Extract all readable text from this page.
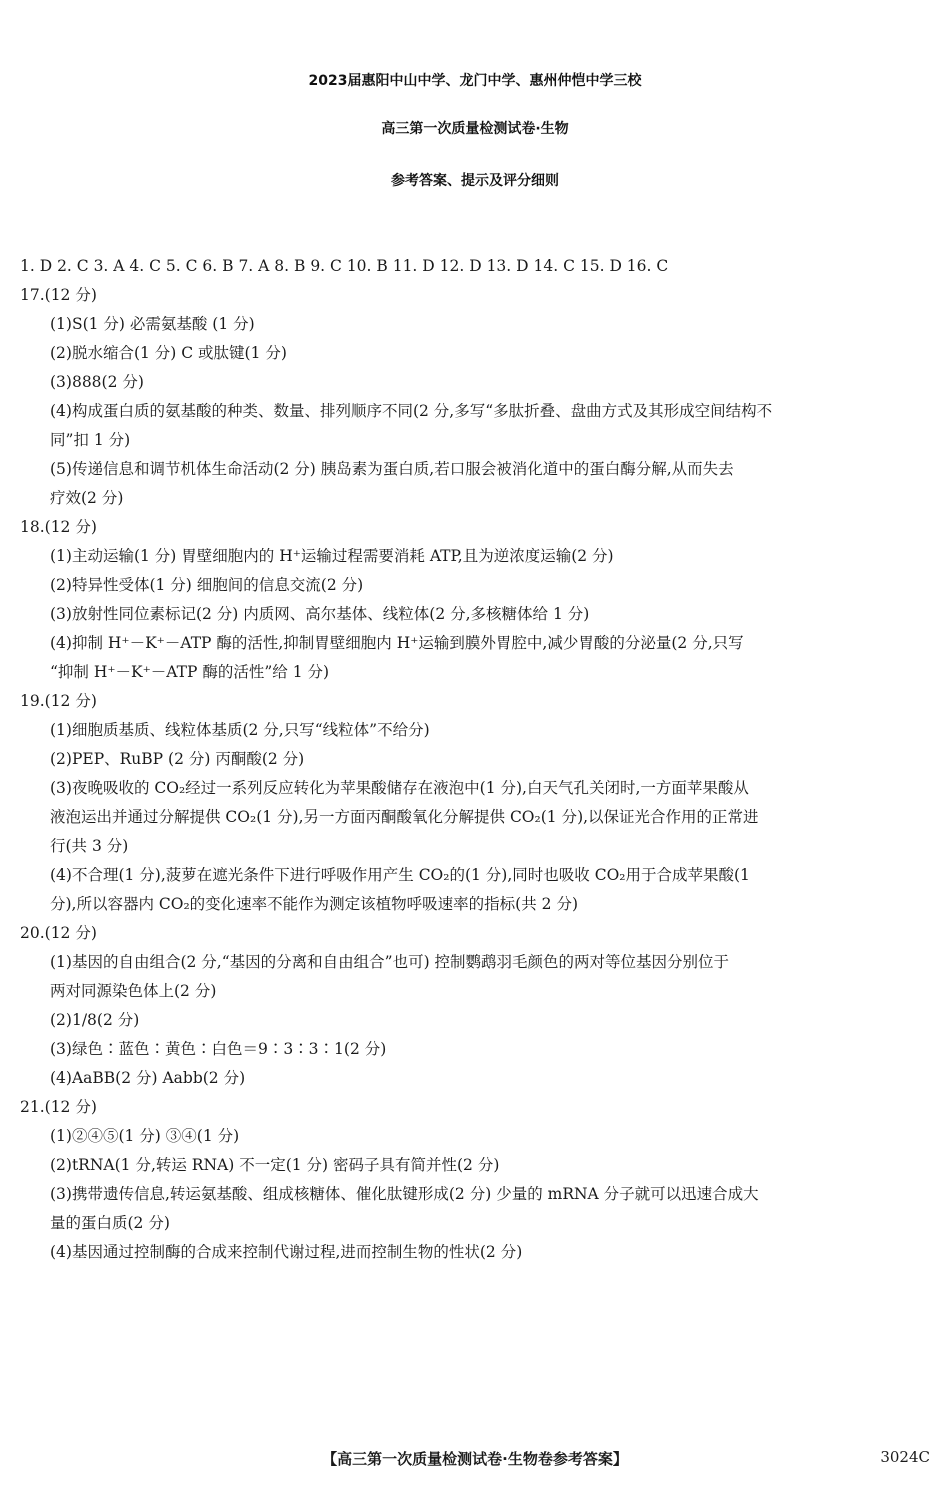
2023届惠阳中山中学、龙门中学、惠州仲恺中学三校
高三第一次质量检测试卷·生物
参考答案、提示及评分细则
1. D 2. C 3. A 4. C 5. C 6. B 7. A 8. B 9. C 10. B 11. D 12. D 13. D 14. C 15. D 16. C
17.(12 分)
(1)S(1 分) 必需氨基酸 (1 分)
(2)脱水缩合(1 分) C 或肽键(1 分)
(3)888(2 分)
(4)构成蛋白质的氨基酸的种类、数量、排列顺序不同(2 分,多写“多肽折叠、盘曲方式及其形成空间结构不
同”扣 1 分)
(5)传递信息和调节机体生命活动(2 分) 胰岛素为蛋白质,若口服会被消化道中的蛋白酶分解,从而失去
疗效(2 分)
18.(12 分)
(1)主动运输(1 分) 胃壁细胞内的 H⁺运输过程需要消耗 ATP,且为逆浓度运输(2 分)
(2)特异性受体(1 分) 细胞间的信息交流(2 分)
(3)放射性同位素标记(2 分) 内质网、高尔基体、线粒体(2 分,多核糖体给 1 分)
(4)抑制 H⁺－K⁺－ATP 酶的活性,抑制胃壁细胞内 H⁺运输到膜外胃腔中,减少胃酸的分泌量(2 分,只写
“抑制 H⁺－K⁺－ATP 酶的活性”给 1 分)
19.(12 分)
(1)细胞质基质、线粒体基质(2 分,只写“线粒体”不给分)
(2)PEP、RuBP (2 分) 丙酮酸(2 分)
(3)夜晚吸收的 CO₂经过一系列反应转化为苹果酸储存在液泡中(1 分),白天气孔关闭时,一方面苹果酸从
液泡运出并通过分解提供 CO₂(1 分),另一方面丙酮酸氧化分解提供 CO₂(1 分),以保证光合作用的正常进
行(共 3 分)
(4)不合理(1 分),菠萝在遮光条件下进行呼吸作用产生 CO₂的(1 分),同时也吸收 CO₂用于合成苹果酸(1
分),所以容器内 CO₂的变化速率不能作为测定该植物呼吸速率的指标(共 2 分)
20.(12 分)
(1)基因的自由组合(2 分,“基因的分离和自由组合”也可) 控制鹦鹉羽毛颜色的两对等位基因分别位于
两对同源染色体上(2 分)
(2)1/8(2 分)
(3)绿色∶蓝色∶黄色∶白色＝9∶3∶3∶1(2 分)
(4)AaBB(2 分) Aabb(2 分)
21.(12 分)
(1)②④⑤(1 分) ③④(1 分)
(2)tRNA(1 分,转运 RNA) 不一定(1 分) 密码子具有简并性(2 分)
(3)携带遗传信息,转运氨基酸、组成核糖体、催化肽键形成(2 分) 少量的 mRNA 分子就可以迅速合成大
量的蛋白质(2 分)
(4)基因通过控制酶的合成来控制代谢过程,进而控制生物的性状(2 分)
【高三第一次质量检测试卷·生物卷参考答案】	3024C
